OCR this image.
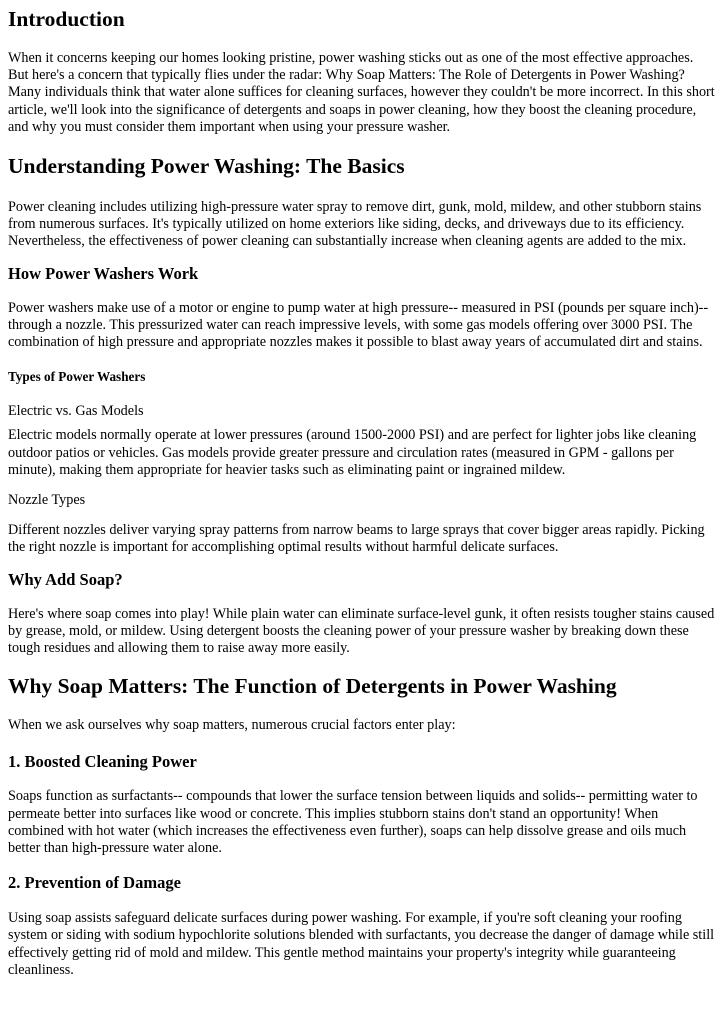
Introduction

When it concerns keeping our homes looking pristine, power washing sticks out as one of the most effective approaches. But here's a concern that typically flies under the radar: Why Soap Matters: The Role of Detergents in Power Washing? Many individuals think that water alone suffices for cleaning surfaces, however they couldn't be more incorrect. In this short article, we'll look into the significance of detergents and soaps in power cleaning, how they boost the cleaning procedure, and why you must consider them important when using your pressure washer.

Understanding Power Washing: The Basics

Power cleaning includes utilizing high-pressure water spray to remove dirt, gunk, mold, mildew, and other stubborn stains from numerous surfaces. It's typically utilized on home exteriors like siding, decks, and driveways due to its efficiency. Nevertheless, the effectiveness of power cleaning can substantially increase when cleaning agents are added to the mix.

How Power Washers Work

Power washers make use of a motor or engine to pump water at high pressure-- measured in PSI (pounds per square inch)-- through a nozzle. This pressurized water can reach impressive levels, with some gas models offering over 3000 PSI. The combination of high pressure and appropriate nozzles makes it possible to blast away years of accumulated dirt and stains.

Types of Power Washers

Electric vs. Gas Models

Electric models normally operate at lower pressures (around 1500-2000 PSI) and are perfect for lighter jobs like cleaning outdoor patios or vehicles. Gas models provide greater pressure and circulation rates (measured in GPM - gallons per minute), making them appropriate for heavier tasks such as eliminating paint or ingrained mildew.

Nozzle Types

Different nozzles deliver varying spray patterns from narrow beams to large sprays that cover bigger areas rapidly. Picking the right nozzle is important for accomplishing optimal results without harmful delicate surfaces.

Why Add Soap?

Here's where soap comes into play! While plain water can eliminate surface-level gunk, it often resists tougher stains caused by grease, mold, or mildew. Using detergent boosts the cleaning power of your pressure washer by breaking down these tough residues and allowing them to raise away more easily.

Why Soap Matters: The Function of Detergents in Power Washing

When we ask ourselves why soap matters, numerous crucial factors enter play:

1. Boosted Cleaning Power

Soaps function as surfactants-- compounds that lower the surface tension between liquids and solids-- permitting water to permeate better into surfaces like wood or concrete. This implies stubborn stains don't stand an opportunity! When combined with hot water (which increases the effectiveness even further), soaps can help dissolve grease and oils much better than high-pressure water alone.

2. Prevention of Damage

Using soap assists safeguard delicate surfaces during power washing. For example, if you're soft cleaning your roofing system or siding with sodium hypochlorite solutions blended with surfactants, you decrease the danger of damage while still effectively getting rid of mold and mildew. This gentle method maintains your property's integrity while guaranteeing cleanliness.
